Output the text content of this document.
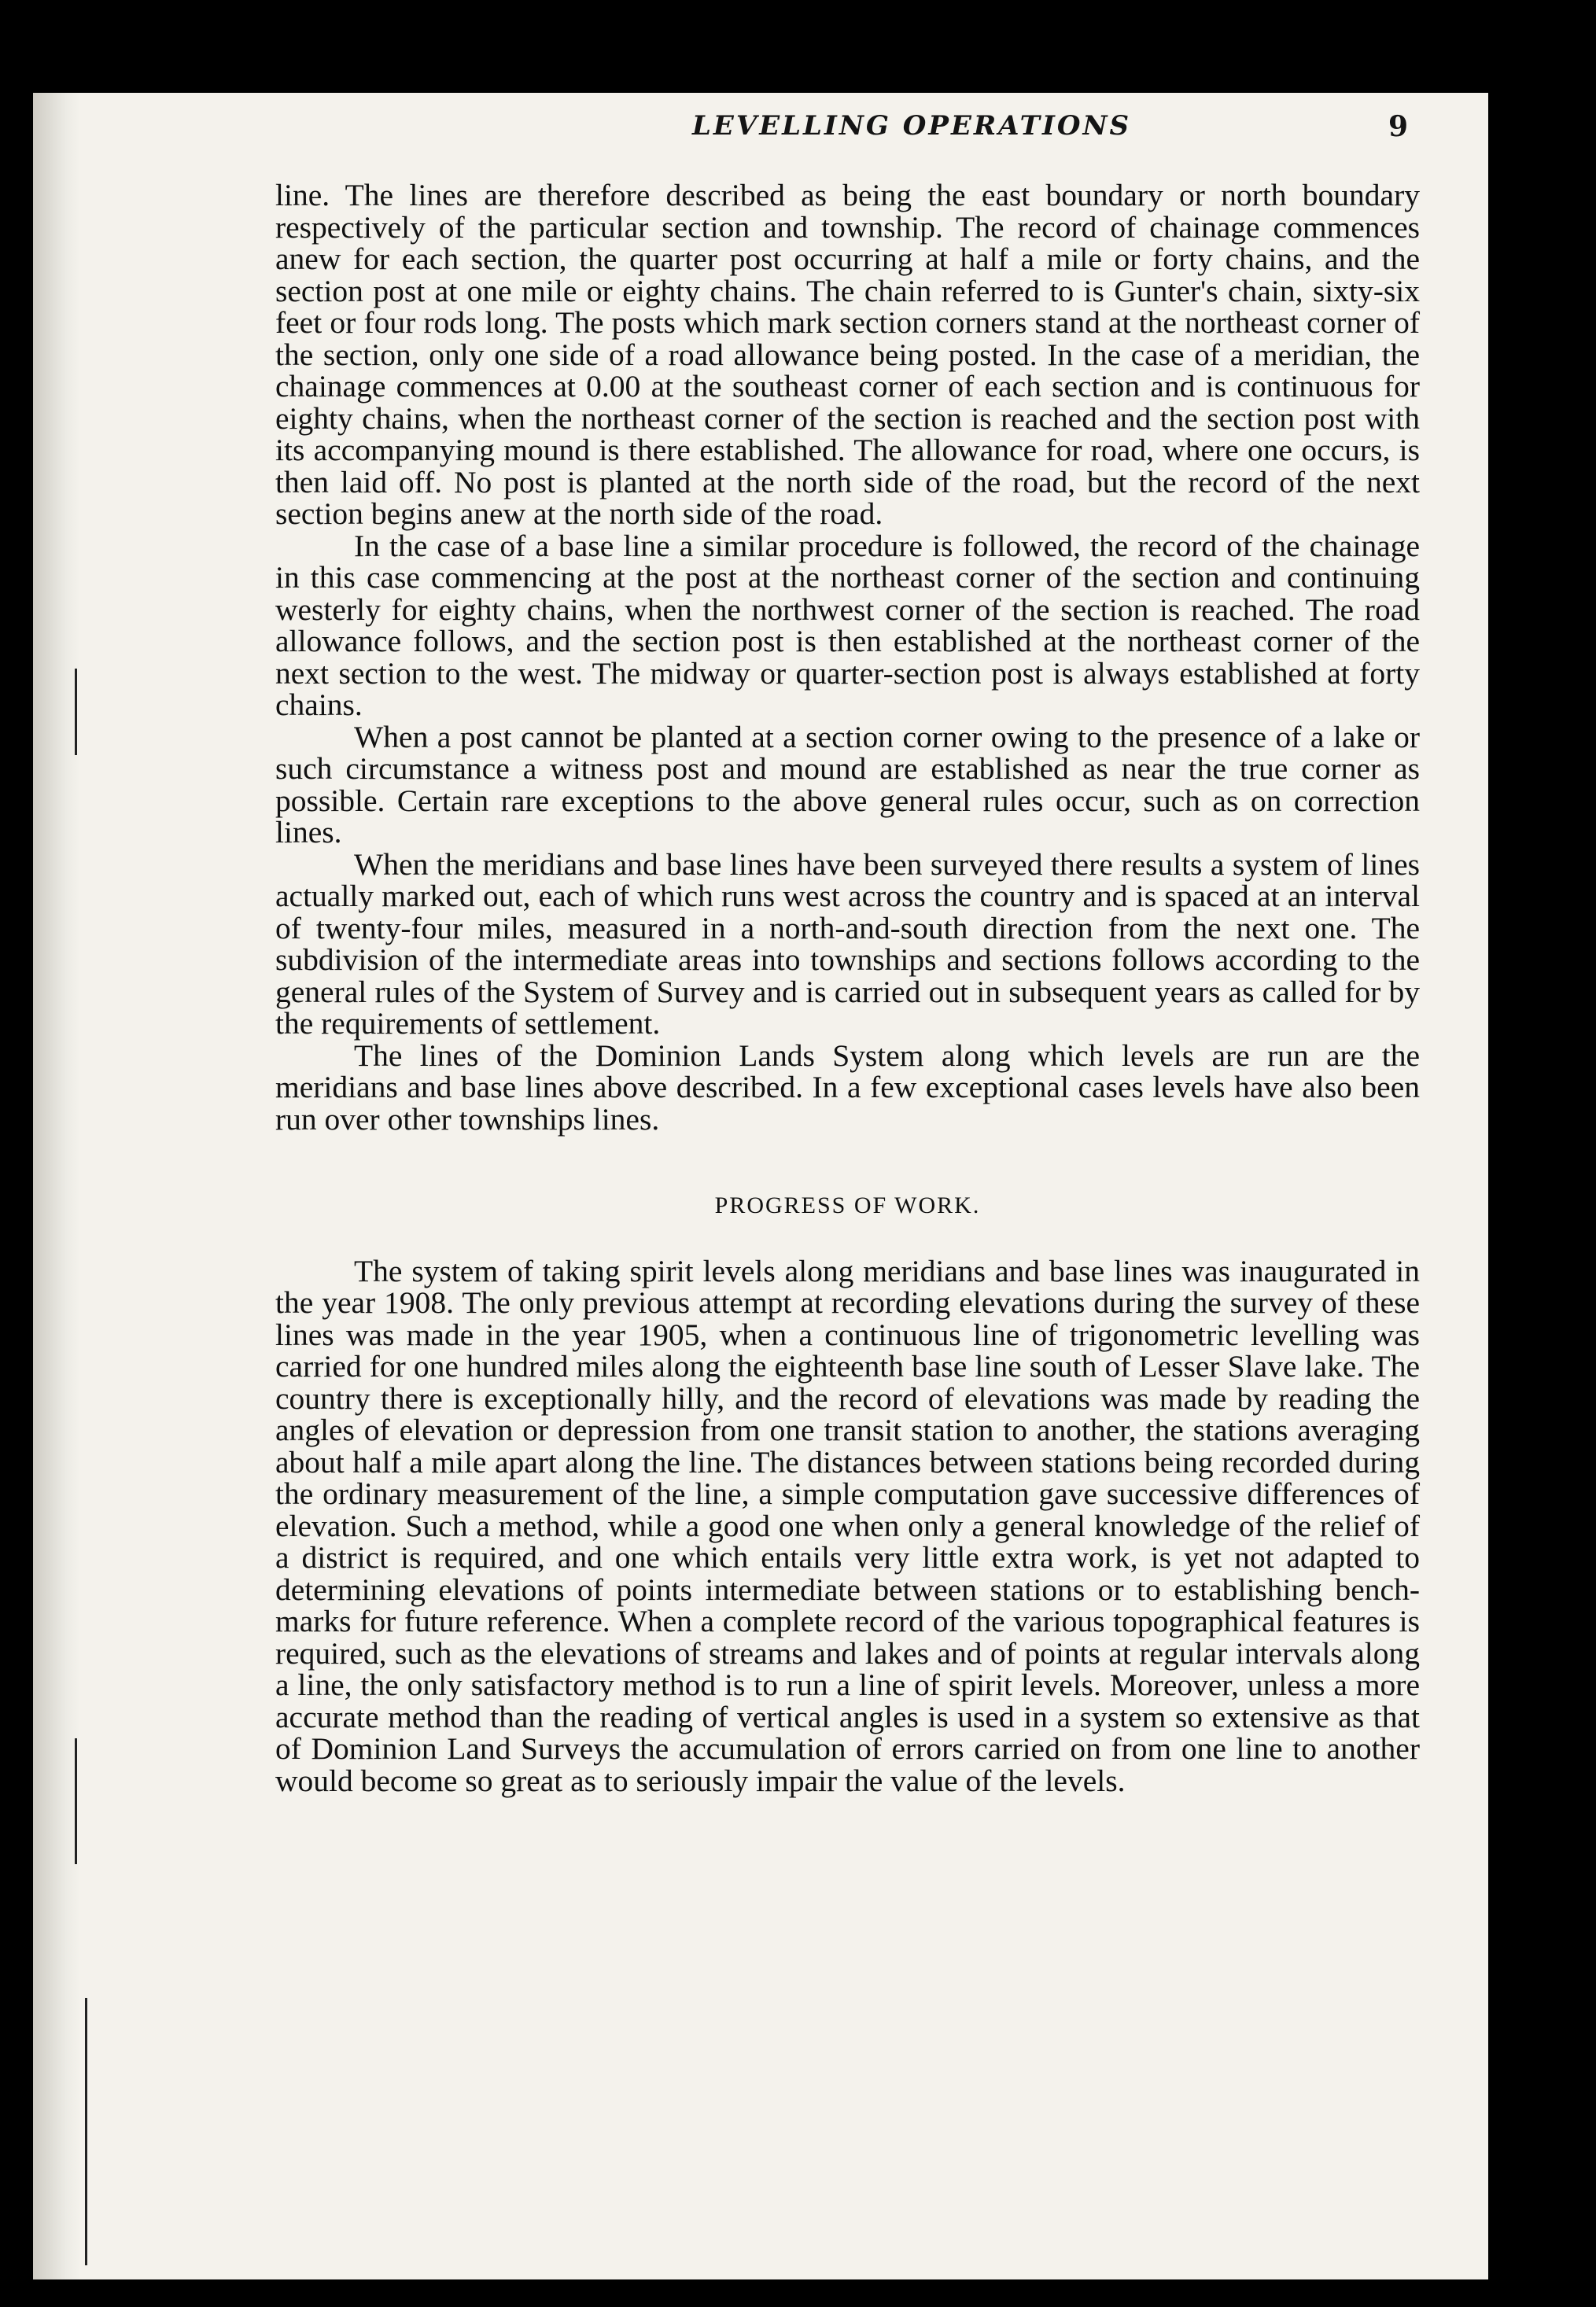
LEVELLING OPERATIONS	9

line. The lines are therefore described as being the east boundary or north boundary respectively of the particular section and township. The record of chainage commences anew for each section, the quarter post occurring at half a mile or forty chains, and the section post at one mile or eighty chains. The chain referred to is Gunter's chain, sixty-six feet or four rods long. The posts which mark section corners stand at the northeast corner of the section, only one side of a road allowance being posted. In the case of a meridian, the chainage commences at 0.00 at the southeast corner of each section and is continuous for eighty chains, when the northeast corner of the section is reached and the section post with its accompanying mound is there established. The allowance for road, where one occurs, is then laid off. No post is planted at the north side of the road, but the record of the next section begins anew at the north side of the road.

In the case of a base line a similar procedure is followed, the record of the chainage in this case commencing at the post at the northeast corner of the section and continuing westerly for eighty chains, when the northwest corner of the section is reached. The road allowance follows, and the section post is then established at the northeast corner of the next section to the west. The midway or quarter-section post is always established at forty chains.

When a post cannot be planted at a section corner owing to the presence of a lake or such circumstance a witness post and mound are established as near the true corner as possible. Certain rare exceptions to the above general rules occur, such as on correction lines.

When the meridians and base lines have been surveyed there results a system of lines actually marked out, each of which runs west across the country and is spaced at an interval of twenty-four miles, measured in a north-and-south direction from the next one. The subdivision of the intermediate areas into townships and sections follows according to the general rules of the System of Survey and is carried out in subsequent years as called for by the requirements of settlement.

The lines of the Dominion Lands System along which levels are run are the meridians and base lines above described. In a few exceptional cases levels have also been run over other townships lines.

PROGRESS OF WORK.

The system of taking spirit levels along meridians and base lines was inaugurated in the year 1908. The only previous attempt at recording elevations during the survey of these lines was made in the year 1905, when a continuous line of trigonometric levelling was carried for one hundred miles along the eighteenth base line south of Lesser Slave lake. The country there is exceptionally hilly, and the record of elevations was made by reading the angles of elevation or depression from one transit station to another, the stations averaging about half a mile apart along the line. The distances between stations being recorded during the ordinary measurement of the line, a simple computation gave successive differences of elevation. Such a method, while a good one when only a general knowledge of the relief of a district is required, and one which entails very little extra work, is yet not adapted to determining elevations of points intermediate between stations or to establishing bench-marks for future reference. When a complete record of the various topographical features is required, such as the elevations of streams and lakes and of points at regular intervals along a line, the only satisfactory method is to run a line of spirit levels. Moreover, unless a more accurate method than the reading of vertical angles is used in a system so extensive as that of Dominion Land Surveys the accumulation of errors carried on from one line to another would become so great as to seriously impair the value of the levels.
